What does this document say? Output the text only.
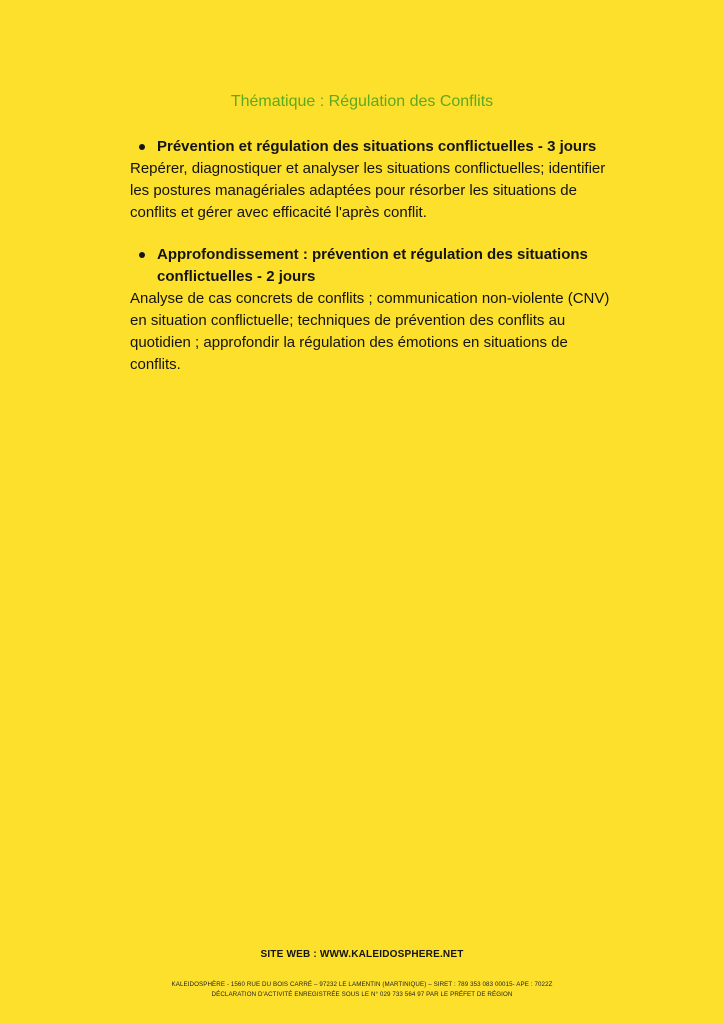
Thématique : Régulation des Conflits
Prévention et régulation des situations conflictuelles - 3 jours
Repérer, diagnostiquer et analyser les situations conflictuelles; identifier les postures managériales adaptées pour résorber les situations de conflits et gérer avec efficacité l'après conflit.
Approfondissement : prévention et régulation des situations conflictuelles - 2 jours
Analyse de cas concrets de conflits ; communication non-violente (CNV) en situation conflictuelle; techniques de prévention des conflits au quotidien ; approfondir la régulation des émotions en situations de conflits.
SITE WEB : WWW.KALEIDOSPHERE.NET
KALEIDOSPHÈRE - 1560 RUE DU BOIS CARRÉ – 97232 LE LAMENTIN (MARTINIQUE) – SIRET : 789 353 083 00015- APE : 7022Z
DÉCLARATION D'ACTIVITÉ ENREGISTRÉE SOUS LE N° 029 733 564 97 PAR LE PRÉFET DE RÉGION
